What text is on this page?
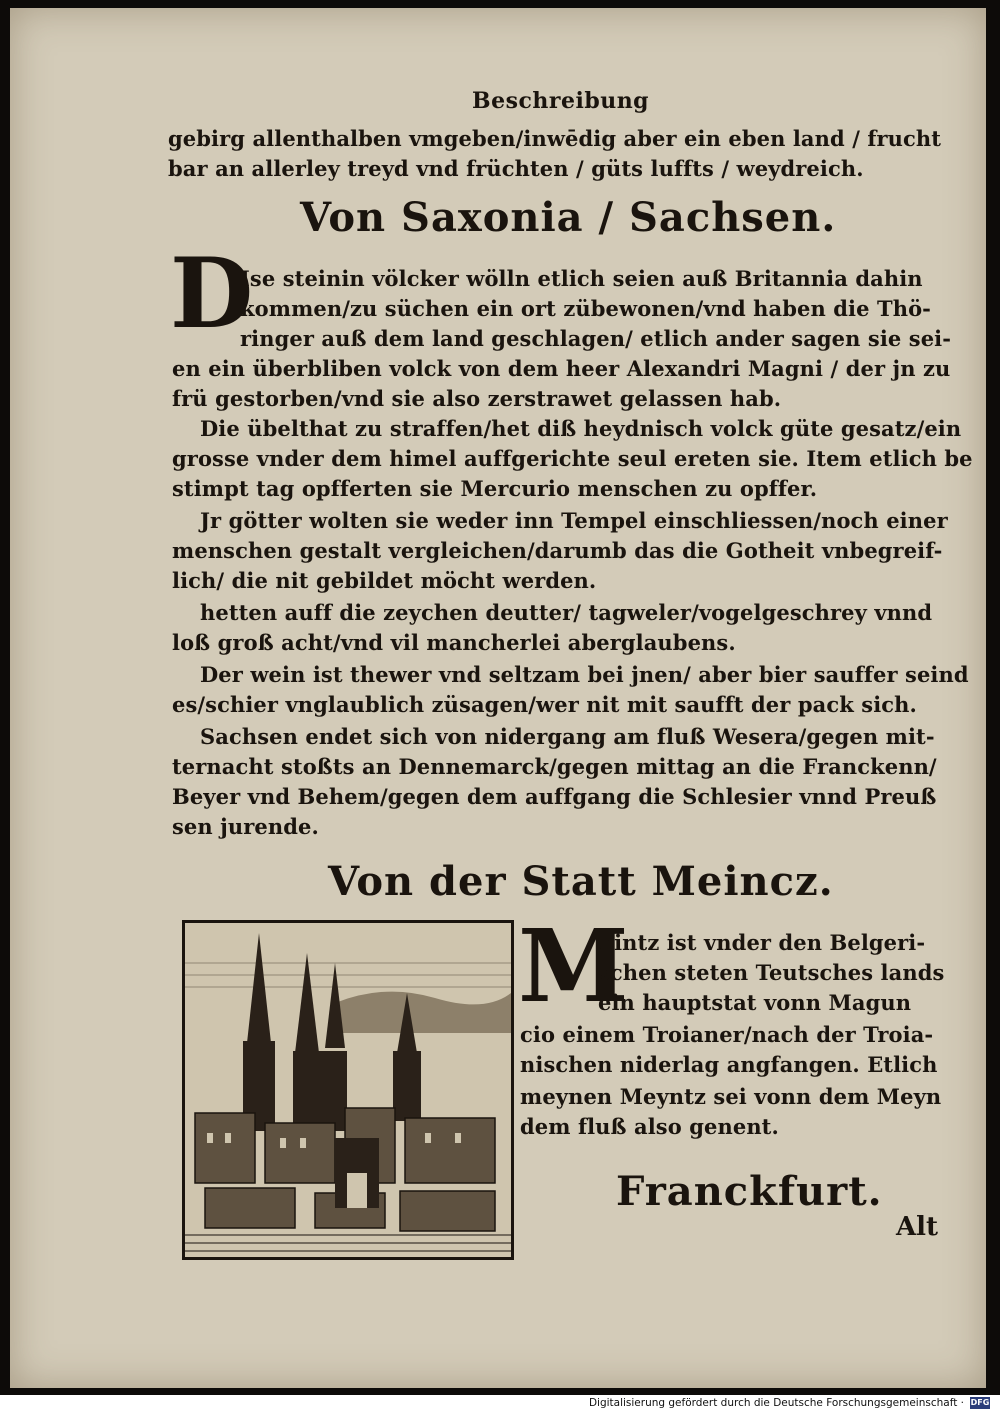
Beschreibung
gebirg allenthalben vmgeben/inwēdig aber ein eben land / frucht
bar an allerley treyd vnd früchten / güts luffts / weydreich.
Von Saxonia / Sachsen.
D
Ise steinin völcker wölln etlich seien auß Britannia dahin
kommen/zu süchen ein ort zübewonen/vnd haben die Thö-
ringer auß dem land geschlagen/ etlich ander sagen sie sei-
en ein überbliben volck von dem heer Alexandri Magni / der jn zu
frü gestorben/vnd sie also zerstrawet gelassen hab.
Die übelthat zu straffen/het diß heydnisch volck güte gesatz/ein
grosse vnder dem himel auffgerichte seul ereten sie. Item etlich be
stimpt tag opfferten sie Mercurio menschen zu opffer.
Jr götter wolten sie weder inn Tempel einschliessen/noch einer
menschen gestalt vergleichen/darumb das die Gotheit vnbegreif-
lich/ die nit gebildet möcht werden.
hetten auff die zeychen deutter/ tagweler/vogelgeschrey vnnd
loß groß acht/vnd vil mancherlei aberglaubens.
Der wein ist thewer vnd seltzam bei jnen/ aber bier sauffer seind
es/schier vnglaublich züsagen/wer nit mit saufft der pack sich.
Sachsen endet sich von nidergang am fluß Wesera/gegen mit-
ternacht stoßts an Dennemarck/gegen mittag an die Franckenn/
Beyer vnd Behem/gegen dem auffgang die Schlesier vnnd Preuß
sen jurende.
Von der Statt Meincz.
M
Eintz ist vnder den Belgeri-
schen steten Teutsches lands
ein hauptstat vonn Magun
cio einem Troianer/nach der Troia-
nischen niderlag angfangen. Etlich
meynen Meyntz sei vonn dem Meyn
dem fluß also genent.
Franckfurt.
Alt
Digitalisierung gefördert durch die Deutsche Forschungsgemeinschaft · DFG
